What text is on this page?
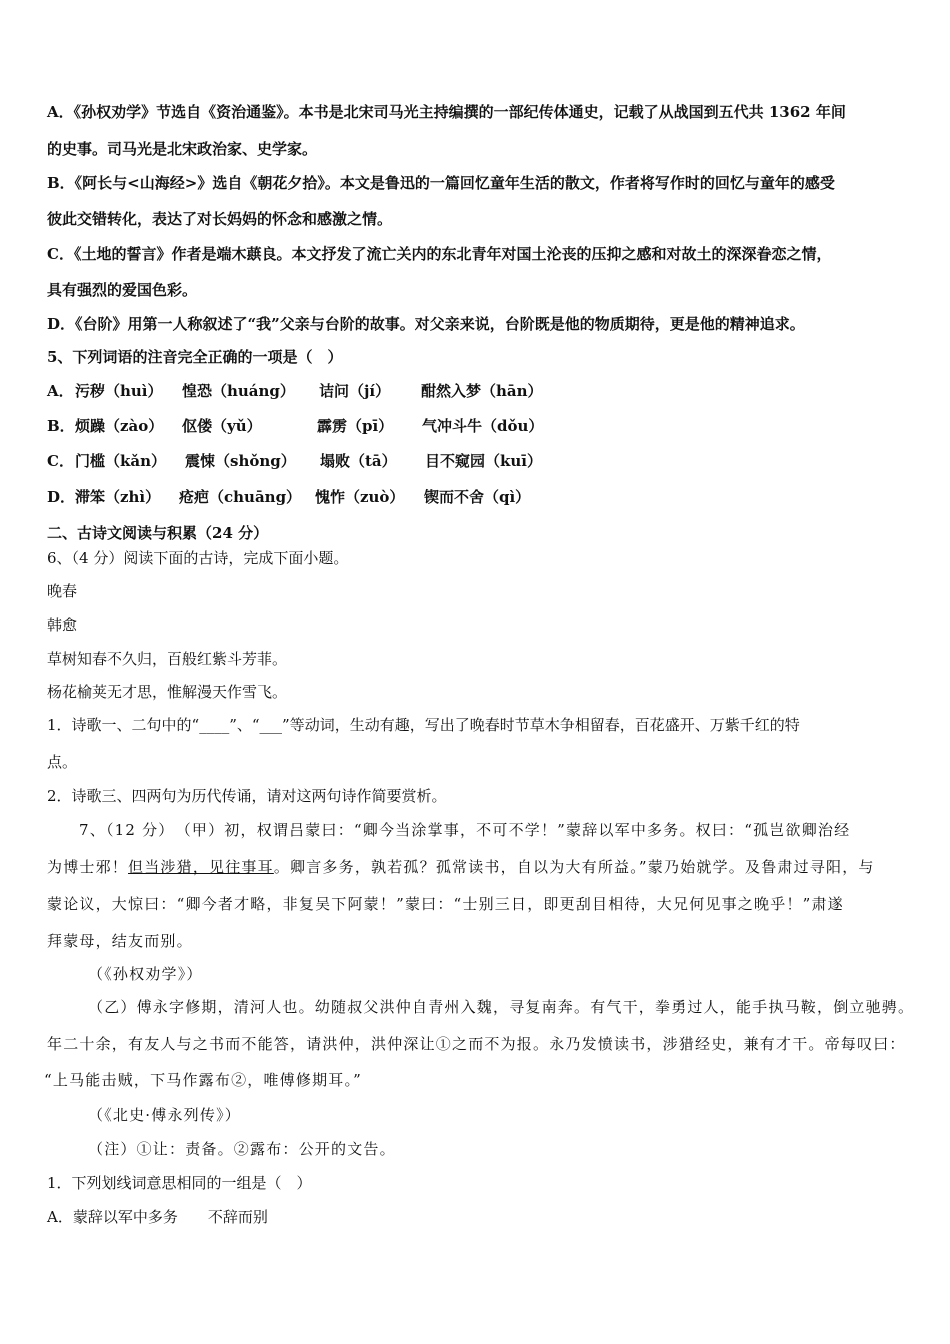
A．《孙权劝学》节选自《资治通鉴》。本书是北宋司马光主持编撰的一部纪传体通史，记载了从战国到五代共 1362 年间
的史事。司马光是北宋政治家、史学家。
B．《阿长与<山海经>》选自《朝花夕拾》。本文是鲁迅的一篇回忆童年生活的散文，作者将写作时的回忆与童年的感受
彼此交错转化，表达了对长妈妈的怀念和感激之情。
C．《土地的誓言》作者是端木蕻良。本文抒发了流亡关内的东北青年对国土沦丧的压抑之感和对故土的深深眷恋之情，
具有强烈的爱国色彩。
D．《台阶》用第一人称叙述了“我”父亲与台阶的故事。对父亲来说，台阶既是他的物质期待，更是他的精神追求。
5、下列词语的注音完全正确的一项是（　）
A． 污秽（huì） 惶恐（huáng） 诘问（jí） 酣然入梦（hān）
B． 烦躁（zào） 伛偻（yǔ）	霹雳（pī） 气冲斗牛（dǒu）
C． 门槛（kǎn） 震悚（shǒng） 塌败（tā） 目不窥园（kuī）
D． 滞笨（zhì） 疮疤（chuāng） 愧怍（zuò） 锲而不舍（qì）
二、古诗文阅读与积累（24 分）
6、（4 分）阅读下面的古诗，完成下面小题。
晚春
韩愈
草树知春不久归，百般红紫斗芳菲。
杨花榆荚无才思，惟解漫天作雪飞。
1．诗歌一、二句中的“____”、“___”等动词，生动有趣，写出了晚春时节草木争相留春，百花盛开、万紫千红的特
点。
2．诗歌三、四两句为历代传诵，请对这两句诗作简要赏析。
7、（12 分）　（甲）初，权谓吕蒙曰：“卿今当涂掌事，不可不学！”蒙辞以军中多务。权曰：“孤岂欲卿治经
为博士邪！但当涉猎，见往事耳。卿言多务，孰若孤？孤常读书，自以为大有所益。”蒙乃始就学。及鲁肃过寻阳，与
蒙论议，大惊曰：“卿今者才略，非复吴下阿蒙！”蒙曰：“士别三日，即更刮目相待，大兄何见事之晚乎！”肃遂
拜蒙母，结友而别。
（《孙权劝学》）
（乙）傅永字修期，清河人也。幼随叔父洪仲自青州入魏，寻复南奔。有气干，拳勇过人，能手执马鞍，倒立驰骋。
年二十余，有友人与之书而不能答，请洪仲，洪仲深让①之而不为报。永乃发愤读书，涉猎经史，兼有才干。帝每叹曰：
“上马能击贼，下马作露布②，唯傅修期耳。”
（《北史·傅永列传》）
（注）①让：责备。②露布：公开的文告。
1．下列划线词意思相同的一组是（　）
A．蒙辞以军中多务　　不辞而别
